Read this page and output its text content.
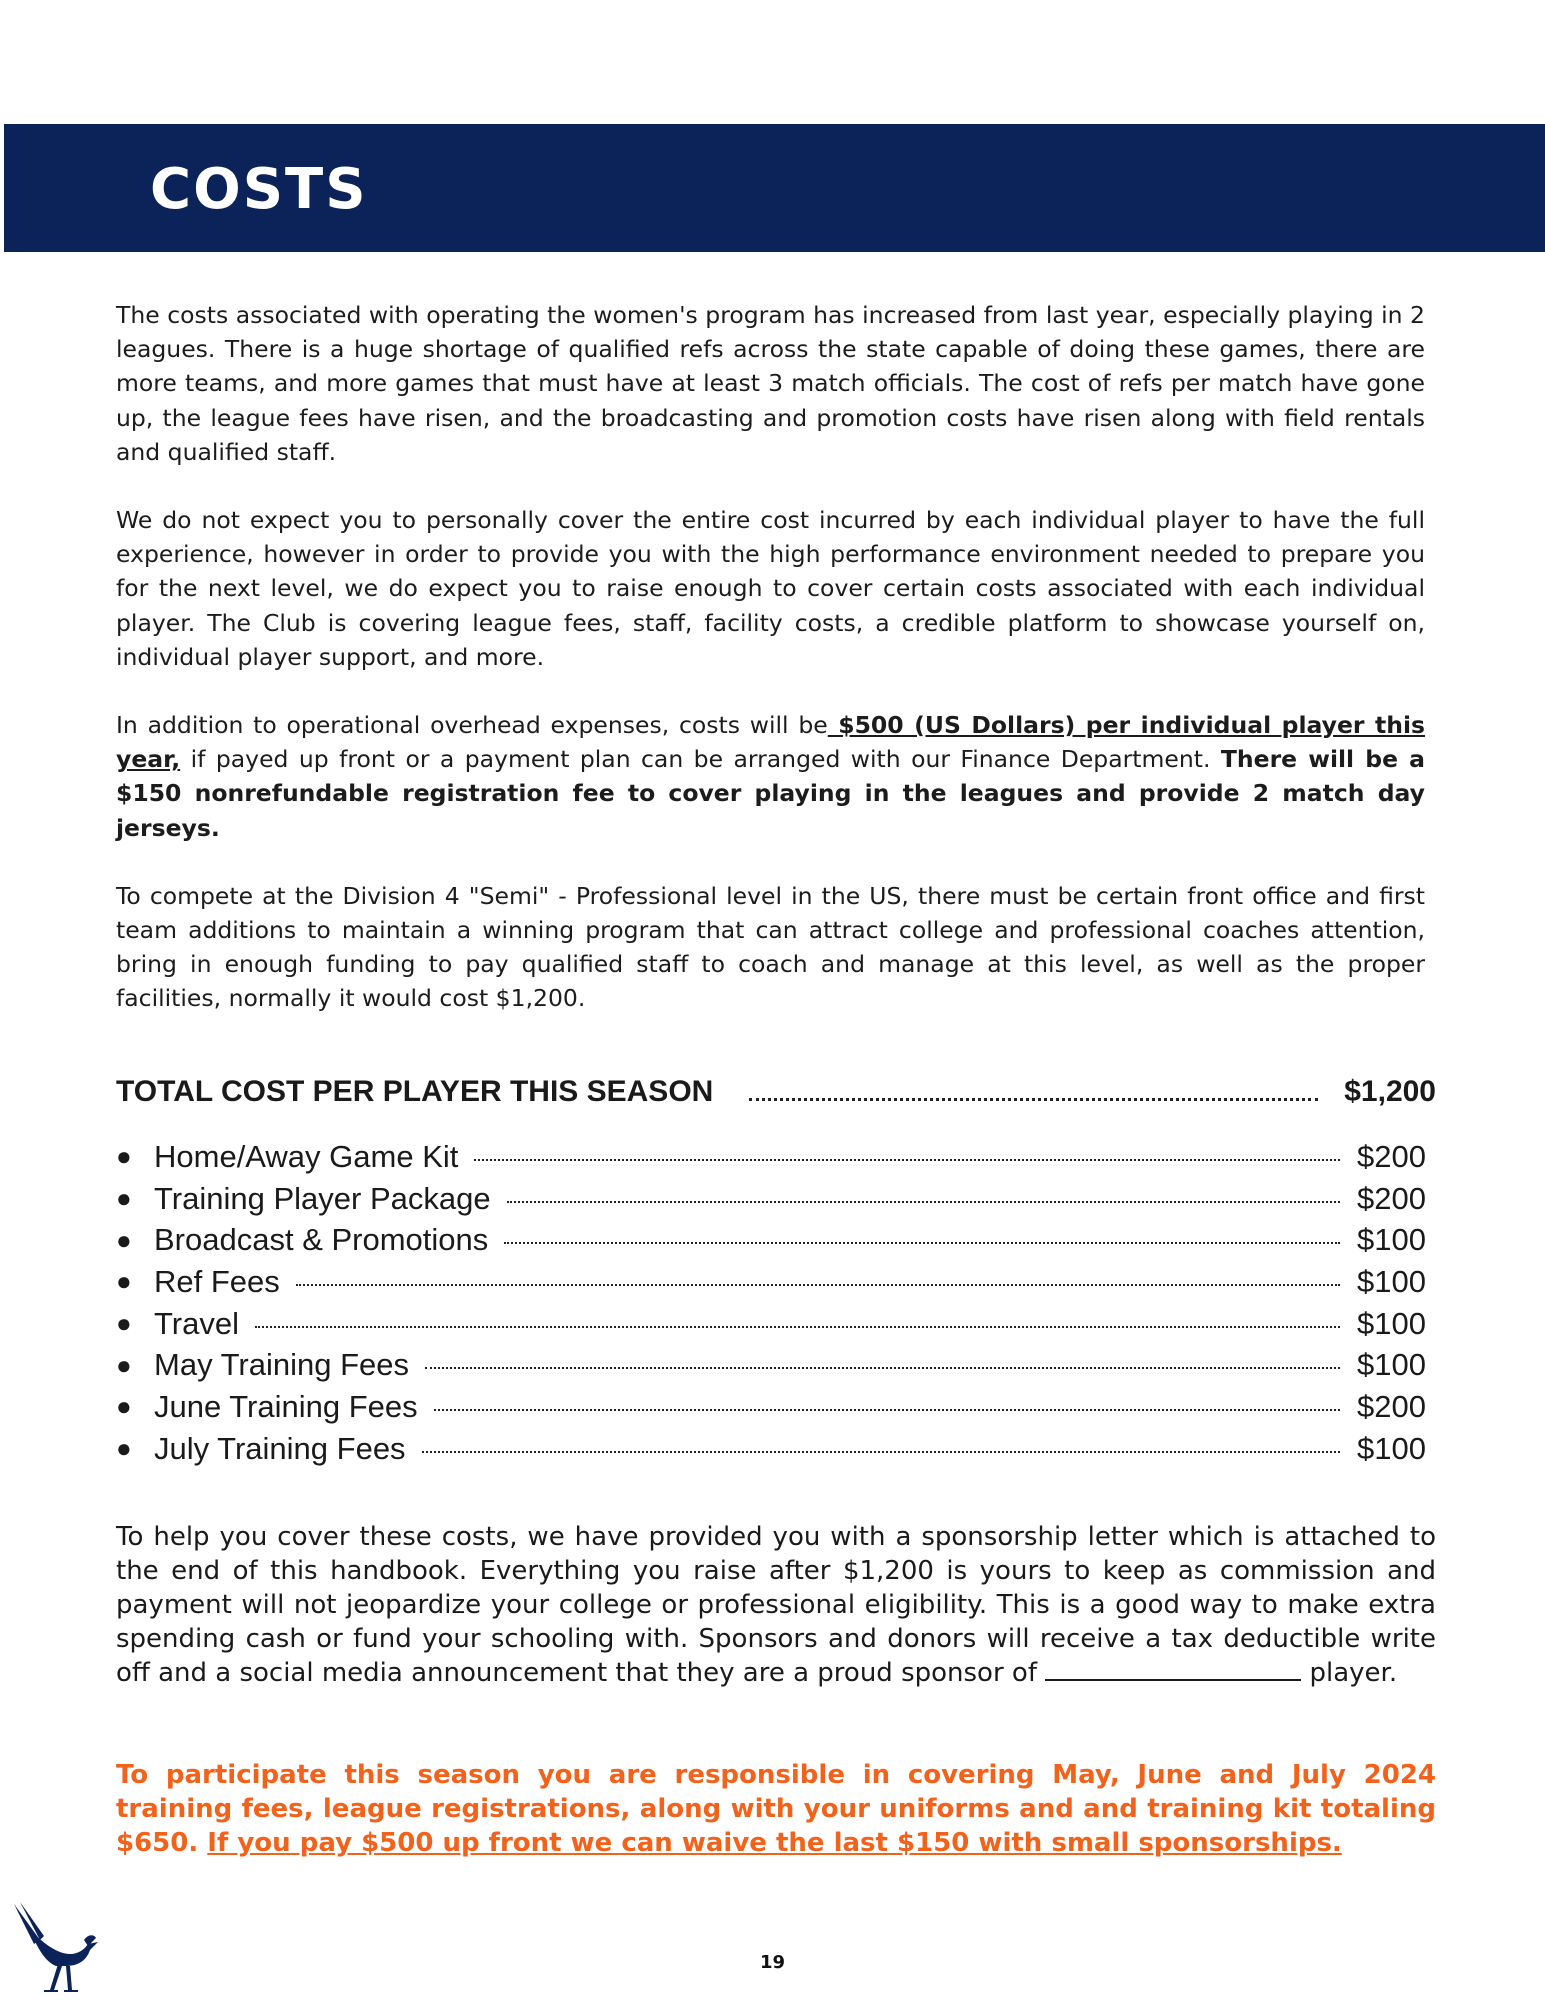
COSTS

The costs associated with operating the women's program has increased from last year, especially playing in 2 leagues. There is a huge shortage of qualified refs across the state capable of doing these games, there are more teams, and more games that must have at least 3 match officials. The cost of refs per match have gone up, the league fees have risen, and the broadcasting and promotion costs have risen along with field rentals and qualified staff.

We do not expect you to personally cover the entire cost incurred by each individual player to have the full experience, however in order to provide you with the high performance environment needed to prepare you for the next level, we do expect you to raise enough to cover certain costs associated with each individual player. The Club is covering league fees, staff, facility costs, a credible platform to showcase yourself on, individual player support, and more.

In addition to operational overhead expenses, costs will be $500 (US Dollars) per individual player this year, if payed up front or a payment plan can be arranged with our Finance Department. There will be a $150 nonrefundable registration fee to cover playing in the leagues and provide 2 match day jerseys.

To compete at the Division 4 "Semi" - Professional level in the US, there must be certain front office and first team additions to maintain a winning program that can attract college and professional coaches attention, bring in enough funding to pay qualified staff to coach and manage at this level, as well as the proper facilities, normally it would cost $1,200.

TOTAL COST PER PLAYER THIS SEASON	$1,200
● Home/Away Game Kit	$200
● Training Player Package	$200
● Broadcast & Promotions	$100
● Ref Fees	$100
● Travel	$100
● May Training Fees	$100
● June Training Fees	$200
● July Training Fees	$100

To help you cover these costs, we have provided you with a sponsorship letter which is attached to the end of this handbook. Everything you raise after $1,200 is yours to keep as commission and payment will not jeopardize your college or professional eligibility. This is a good way to make extra spending cash or fund your schooling with. Sponsors and donors will receive a tax deductible write off and a social media announcement that they are a proud sponsor of	player.

To participate this season you are responsible in covering May, June and July 2024 training fees, league registrations, along with your uniforms and and training kit totaling $650. If you pay $500 up front we can waive the last $150 with small sponsorships.

19
